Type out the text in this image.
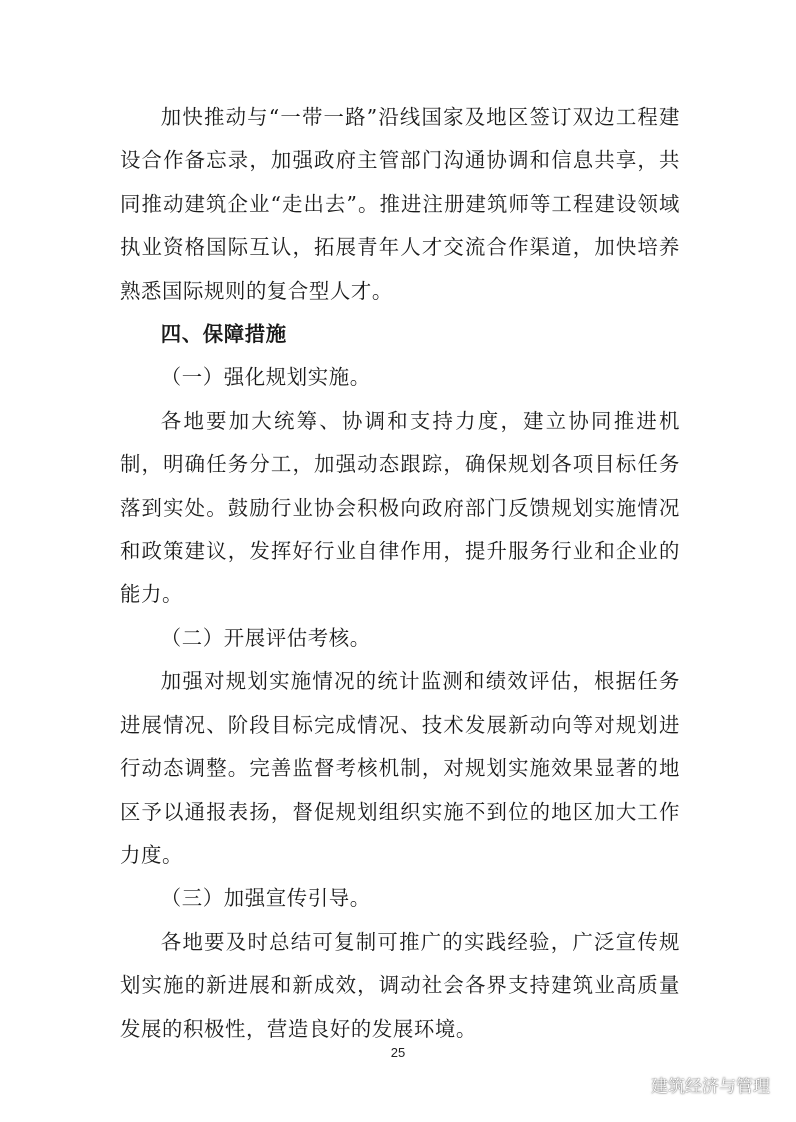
加快推动与“一带一路”沿线国家及地区签订双边工程建设合作备忘录，加强政府主管部门沟通协调和信息共享，共同推动建筑企业“走出去”。推进注册建筑师等工程建设领域执业资格国际互认，拓展青年人才交流合作渠道，加快培养熟悉国际规则的复合型人才。

四、保障措施

（一）强化规划实施。

各地要加大统筹、协调和支持力度，建立协同推进机制，明确任务分工，加强动态跟踪，确保规划各项目标任务落到实处。鼓励行业协会积极向政府部门反馈规划实施情况和政策建议，发挥好行业自律作用，提升服务行业和企业的能力。

（二）开展评估考核。

加强对规划实施情况的统计监测和绩效评估，根据任务进展情况、阶段目标完成情况、技术发展新动向等对规划进行动态调整。完善监督考核机制，对规划实施效果显著的地区予以通报表扬，督促规划组织实施不到位的地区加大工作力度。

（三）加强宣传引导。

各地要及时总结可复制可推广的实践经验，广泛宣传规划实施的新进展和新成效，调动社会各界支持建筑业高质量发展的积极性，营造良好的发展环境。

25
建筑经济与管理
